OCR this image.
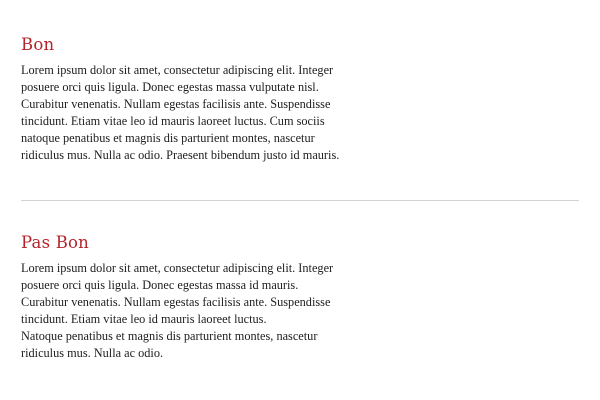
Bon

Lorem ipsum dolor sit amet, consectetur adipiscing elit. Integer
posuere orci quis ligula. Donec egestas massa vulputate nisl.
Curabitur venenatis. Nullam egestas facilisis ante. Suspendisse
tincidunt. Etiam vitae leo id mauris laoreet luctus. Cum sociis
natoque penatibus et magnis dis parturient montes, nascetur
ridiculus mus. Nulla ac odio. Praesent bibendum justo id mauris.

Pas Bon

Lorem ipsum dolor sit amet, consectetur adipiscing elit. Integer
posuere orci quis ligula. Donec egestas massa id mauris.
Curabitur venenatis. Nullam egestas facilisis ante. Suspendisse
tincidunt. Etiam vitae leo id mauris laoreet luctus.
Natoque penatibus et magnis dis parturient montes, nascetur
ridiculus mus. Nulla ac odio.
